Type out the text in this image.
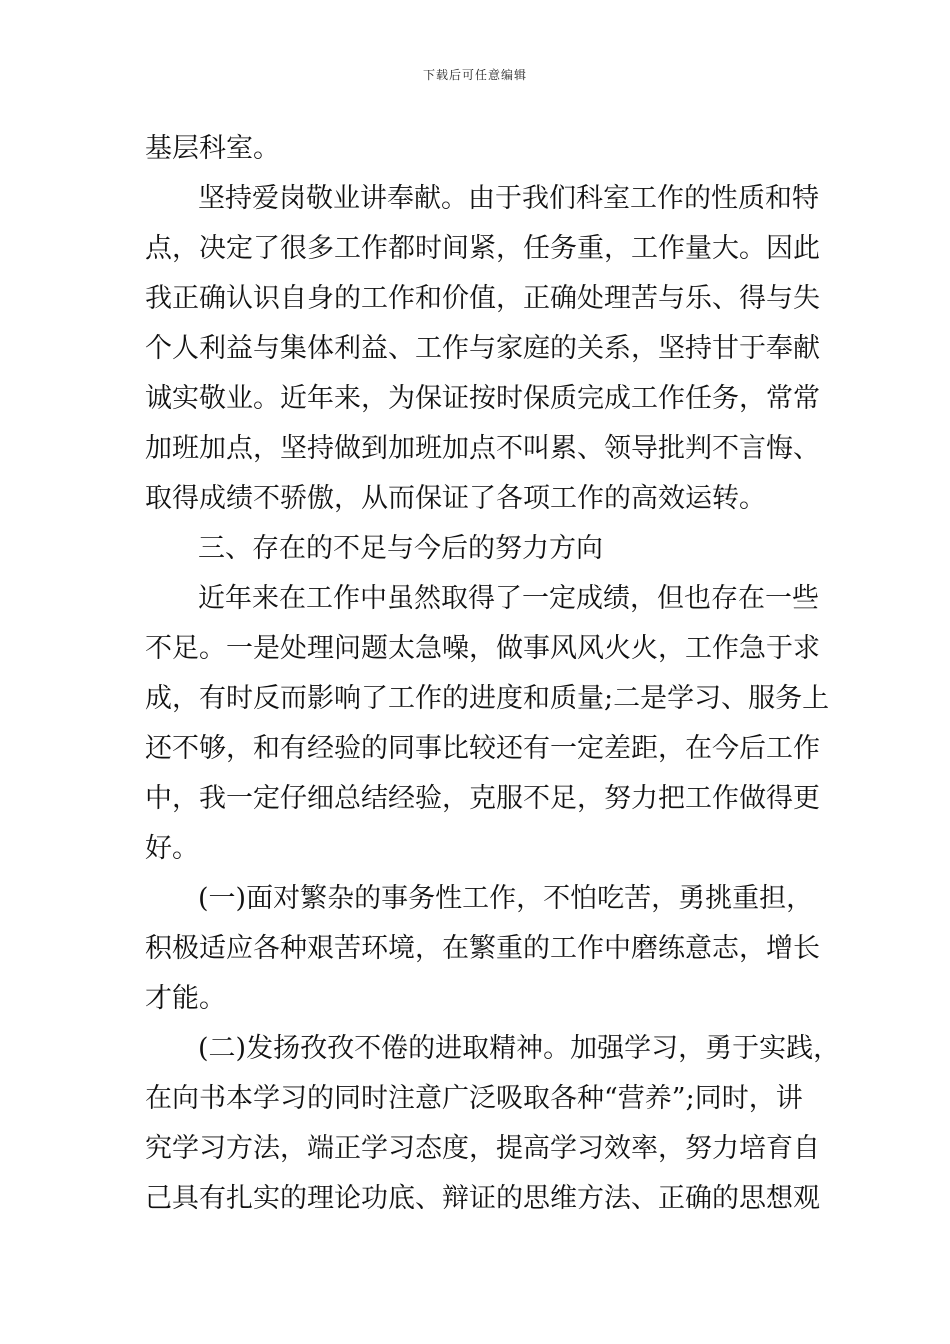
下载后可任意编辑
基层科室。
坚持爱岗敬业讲奉献。由于我们科室工作的性质和特
点，决定了很多工作都时间紧，任务重，工作量大。因此
我正确认识自身的工作和价值，正确处理苦与乐、得与失
个人利益与集体利益、工作与家庭的关系，坚持甘于奉献
诚实敬业。近年来，为保证按时保质完成工作任务，常常
加班加点，坚持做到加班加点不叫累、领导批判不言悔、
取得成绩不骄傲，从而保证了各项工作的高效运转。
三、存在的不足与今后的努力方向
近年来在工作中虽然取得了一定成绩，但也存在一些
不足。一是处理问题太急噪，做事风风火火，工作急于求
成，有时反而影响了工作的进度和质量;二是学习、服务上
还不够，和有经验的同事比较还有一定差距，在今后工作
中，我一定仔细总结经验，克服不足，努力把工作做得更
好。
(一)面对繁杂的事务性工作，不怕吃苦，勇挑重担，
积极适应各种艰苦环境，在繁重的工作中磨练意志，增长
才能。
(二)发扬孜孜不倦的进取精神。加强学习，勇于实践，
在向书本学习的同时注意广泛吸取各种“营养”;同时，讲
究学习方法，端正学习态度，提高学习效率，努力培育自
己具有扎实的理论功底、辩证的思维方法、正确的思想观
